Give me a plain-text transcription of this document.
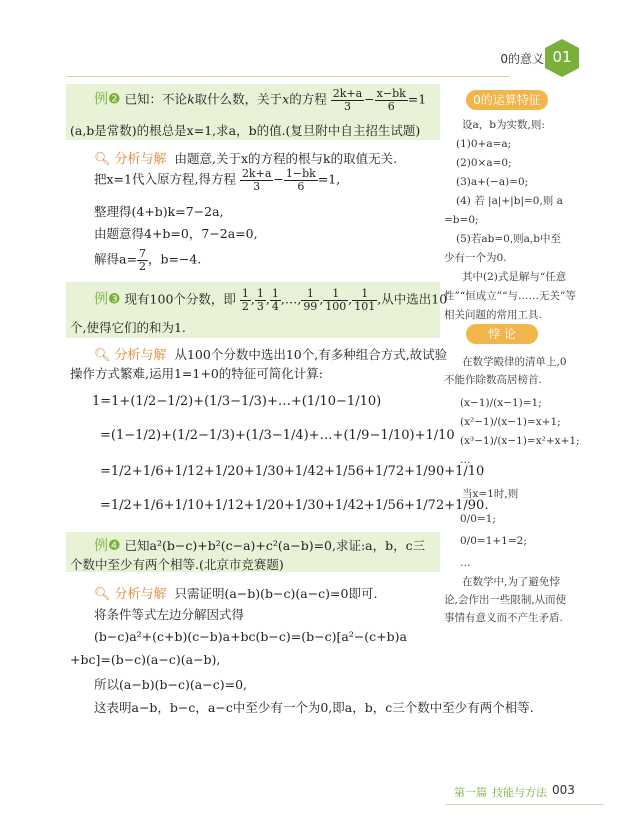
0的意义 01
例❷ 已知：不论k取什么数，关于x的方程 $\frac{2k+a}{3} - \frac{x-bk}{6} =1$
(a,b是常数)的根总是x=1,求a，b的值.(复旦附中自主招生试题)
🔍︎ 分析与解 由题意,关于x的方程的根与k的取值无关.
把x=1代入原方程,得方程 $\frac{2k+a}{3} - \frac{1-bk}{6} =1$,
整理得(4+b)k=7−2a,
由题意得4+b=0，7−2a=0,
解得$a= \frac{7}{2}$ ，b=−4.
例❸ 现有100个分数，即 $\frac{1}{2}$ , $\frac{1}{3}$ , $\frac{1}{4}$ ,…, $\frac{1}{99}$ , $\frac{1}{100}$ , $\frac{1}{101}$ ,从中选出10
个,使得它们的和为1.
🔍︎ 分析与解 从100个分数中选出10个,有多种组合方式,故试验
操作方式繁难,运用1=1+0的特征可简化计算:
1=1+(1/2−1/2)+(1/3−1/3)+…+(1/10−1/10)
=(1−1/2)+(1/2−1/3)+(1/3−1/4)+…+(1/9−1/10)+1/10
=1/2+1/6+1/12+1/20+1/30+1/42+1/56+1/72+1/90+1/10
=1/2+1/6+1/10+1/12+1/20+1/30+1/42+1/56+1/72+1/90.
例❹ 已知a²(b−c)+b²(c−a)+c²(a−b)=0,求证:a，b，c三
个数中至少有两个相等.(北京市竞赛题)
🔍︎ 分析与解 只需证明(a−b)(b−c)(a−c)=0即可.
将条件等式左边分解因式得
(b−c)a²+(c+b)(c−b)a+bc(b−c)=(b−c)[a²−(c+b)a
+bc]=(b−c)(a−c)(a−b),
所以(a−b)(b−c)(a−c)=0,
这表明a−b，b−c，a−c中至少有一个为0,即a，b，c三个数中至少有两个相等.
0的运算特征
设a，b为实数,则:
(1)0+a=a;
(2)0×a=0;
(3)a+(−a)=0;
(4) 若 |a|+|b|=0,则 a
=b=0;
(5)若ab=0,则a,b中至
少有一个为0.
其中(2)式是解与“任意
性”“恒成立”“与……无关”等
相关问题的常用工具.
悖 论
在数学殿律的清单上,0
不能作除数高居榜首.
(x−1)/(x−1)=1;
(x²−1)/(x−1)=x+1;
(x³−1)/(x−1)=x²+x+1;
…
当x=1时,则
0/0=1;
0/0=1+1=2;
…
在数学中,为了避免悖
论,会作出一些限制,从而使
事情有意义而不产生矛盾.
第一篇 技能与方法 003
